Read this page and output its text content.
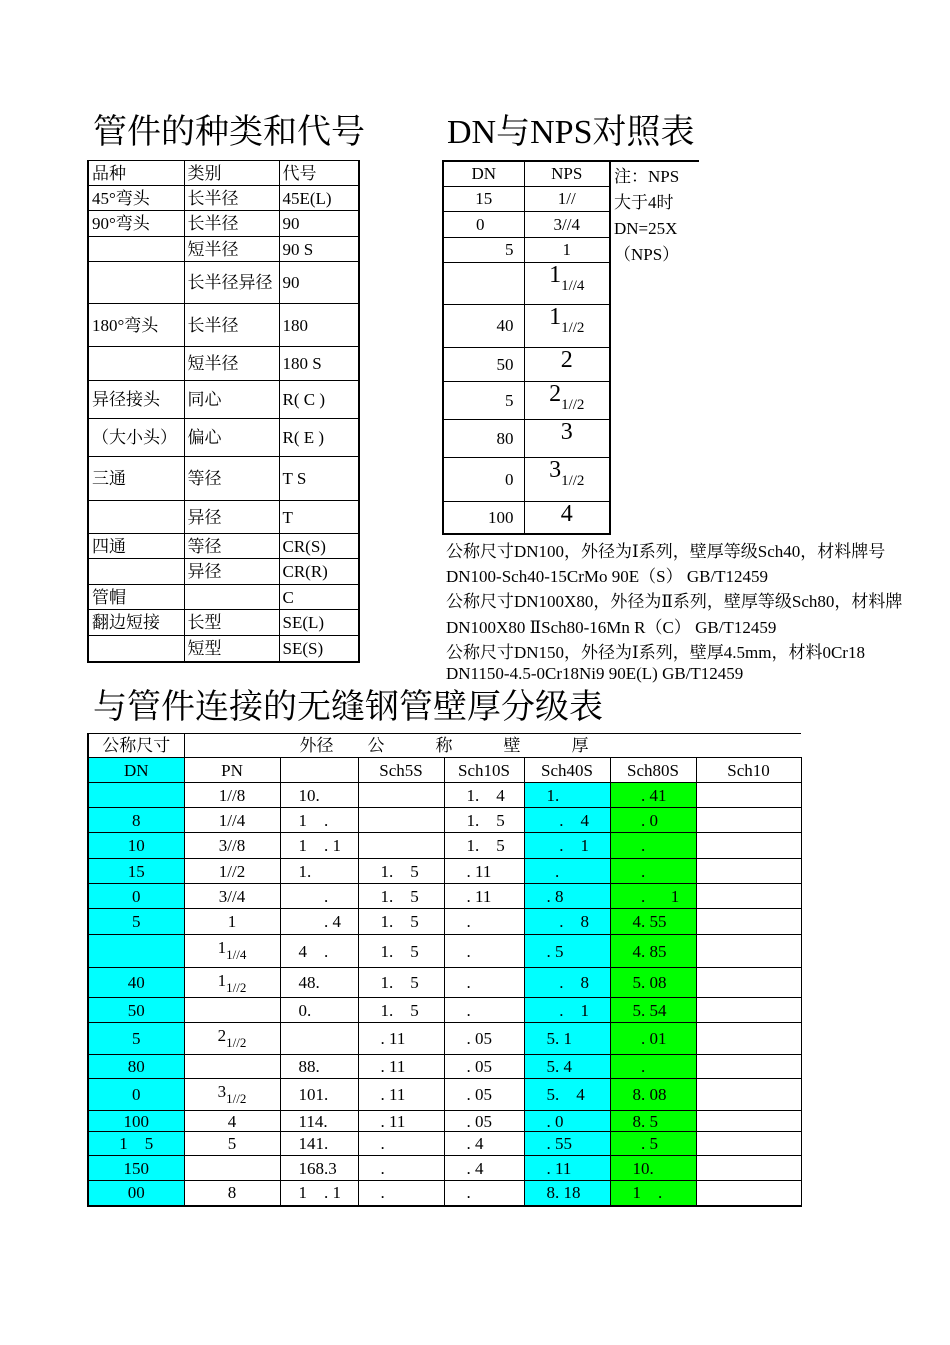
管件的种类和代号 DN与NPS对照表
与管件连接的无缝钢管壁厚分级表
品种	类别	代号
45°弯头	长半径	45E(L)
90°弯头	长半径	90
	短半径	90 S
	长半径异径	90
180°弯头	长半径	180
	短半径	180 S
异径接头	同心	R( C )
（大小头）	偏心	R( E )
三通	等径	T S
	异径	T
四通	等径	CR(S)
	异径	CR(R)
管帽		C
翻边短接	长型	SE(L)
	短型	SE(S)
DN	NPS	注：NPS
大于4时
DN=25X
（NPS）

15	1//	
0	3//4	
5	1	
	11//4	
40	11//2	
50	2	
5	21//2	
80	3	
0	31//2	
100	4	
公称尺寸DN100，外径为Ⅰ系列，壁厚等级Sch40，材料牌号
DN100-Sch40-15CrMo 90E（S） GB/T12459
公称尺寸DN100X80，外径为Ⅱ系列，壁厚等级Sch80，材料牌
DN100X80 ⅡSch80-16Mn R（C） GB/T12459
公称尺寸DN150，外径为Ⅰ系列，壁厚4.5mm，材料0Cr18
DN1150-4.5-0Cr18Ni9 90E(L) GB/T12459
公称尺寸	外径        公            称            壁            厚						
DN	PN		Sch5S	Sch10S	Sch40S	Sch80S	Sch10
	1//8	10.		1.    4	1.	. 41	
8	1//4	1    .		1.    5	.    4	. 0	
10	3//8	1    . 1		1.    5	.    1	.	
15	1//2	1.	1.    5	. 11	.	.	
0	3//4	.	1.    5	. 11	. 8	.      1	
5	1	. 4	1.    5	.	.    8	4. 55	
	$1_{1//4}$	4    .	1.    5	.	. 5	4. 85	
40	$1_{1//2}$	48.	1.    5	.	.    8	5. 08	
50		0.	1.    5	.	.    1	5. 54	
5	$2_{1//2}$		. 11	. 05	5. 1	. 01	
80		88.	. 11	. 05	5. 4	.	
0	$3_{1//2}$	101.	. 11	. 05	5.    4	8. 08	
100	4	114.	. 11	. 05	. 0	8. 5	
1    5	5	141.	.	. 4	. 55	. 5	
150		168.3	.	. 4	. 11	10.	
00	8	1    . 1	.	.	8. 18	1    .	
